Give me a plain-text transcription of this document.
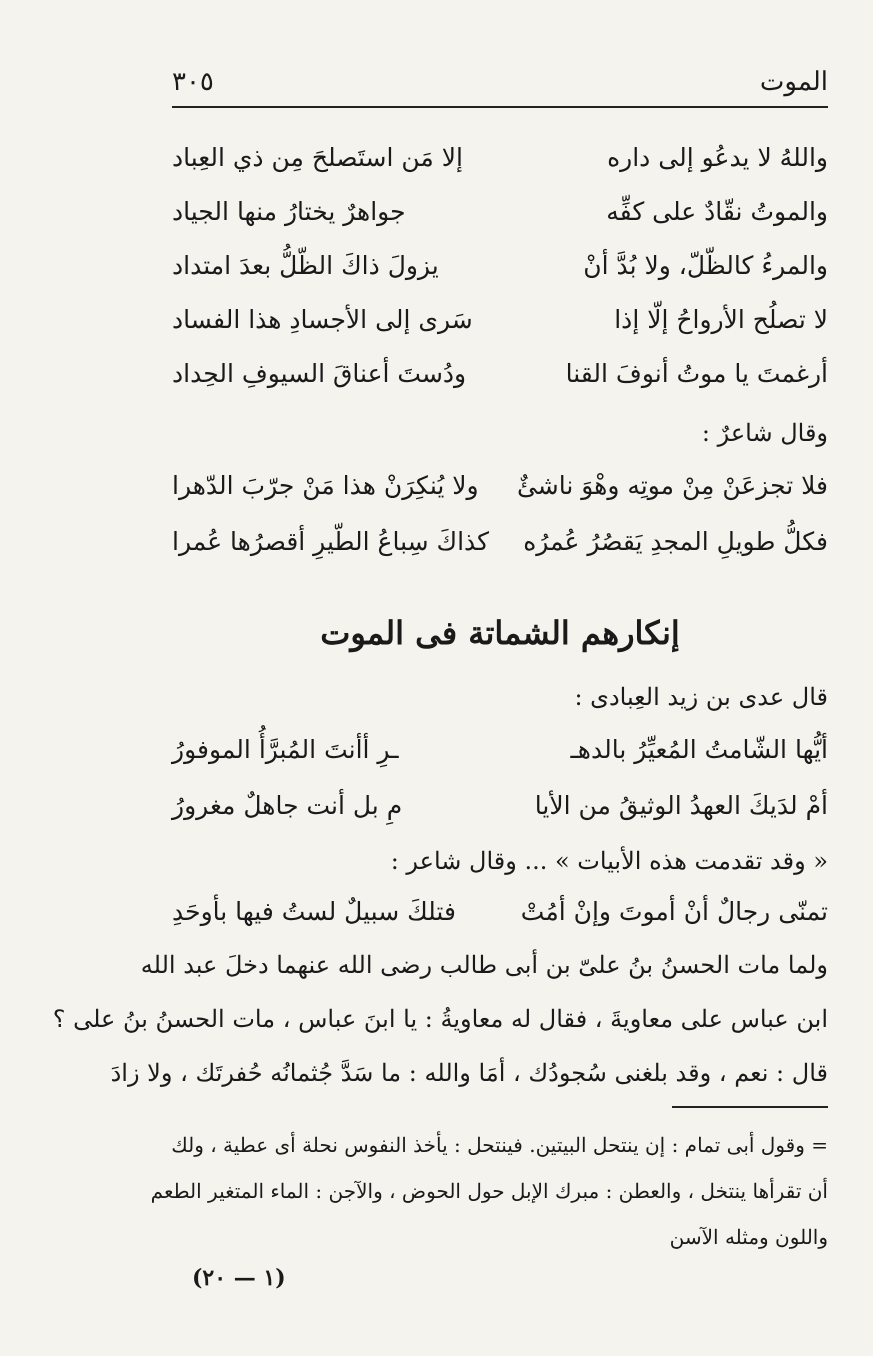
الموت
٣٠٥
واللهُ لا يدعُو إلى داره
إلا مَن استَصلحَ مِن ذي العِباد
والموتُ نقّادٌ على كفِّه
جواهرٌ يختارُ منها الجياد
والمرءُ كالظّلّ، ولا بُدَّ أنْ
يزولَ ذاكَ الظّلُّ بعدَ امتداد
لا تصلُح الأرواحُ إلّا إذا
سَرى إلى الأجسادِ هذا الفساد
أرغمتَ يا موتُ أنوفَ القنا
ودُستَ أعناقَ السيوفِ الحِداد
وقال شاعرٌ :
فلا تجزعَنْ مِنْ موتِه وهْوَ ناشئٌ
ولا يُنكِرَنْ هذا مَنْ جرّبَ الدّهرا
فكلُّ طويلِ المجدِ يَقصُرُ عُمرُه
كذاكَ سِباعُ الطّيرِ أقصرُها عُمرا
إنكارهم الشماتة فى الموت
قال عدى بن زيد العِبادى :
أيُّها الشّامتُ المُعيِّرُ بالدهـ
ـرِ أأنتَ المُبرَّأُ الموفورُ
أمْ لدَيكَ العهدُ الوثيقُ من الأيا
مِ بل أنت جاهلٌ مغرورُ
« وقد تقدمت هذه الأبيات » ... وقال شاعر :
تمنّى رجالٌ أنْ أموتَ وإنْ أمُتْ
فتلكَ سبيلٌ لستُ فيها بأوحَدِ
ولما مات الحسنُ بنُ علىّ بن أبى طالب رضى الله عنهما دخلَ عبد الله
ابن عباس على معاويةَ ، فقال له معاويةُ : يا ابنَ عباس ، مات الحسنُ بنُ على ؟
قال : نعم ، وقد بلغنى سُجودُك ، أمَا والله : ما سَدَّ جُثمانُه حُفرتَك ، ولا زادَ
= وقول أبى تمام : إن ينتحل البيتين. فينتحل : يأخذ النفوس نحلة أى عطية ، ولك
أن تقرأها ينتخل ، والعطن : مبرك الإبل حول الحوض ، والآجن : الماء المتغير الطعم
واللون ومثله الآسن
(١ — ٢٠)
